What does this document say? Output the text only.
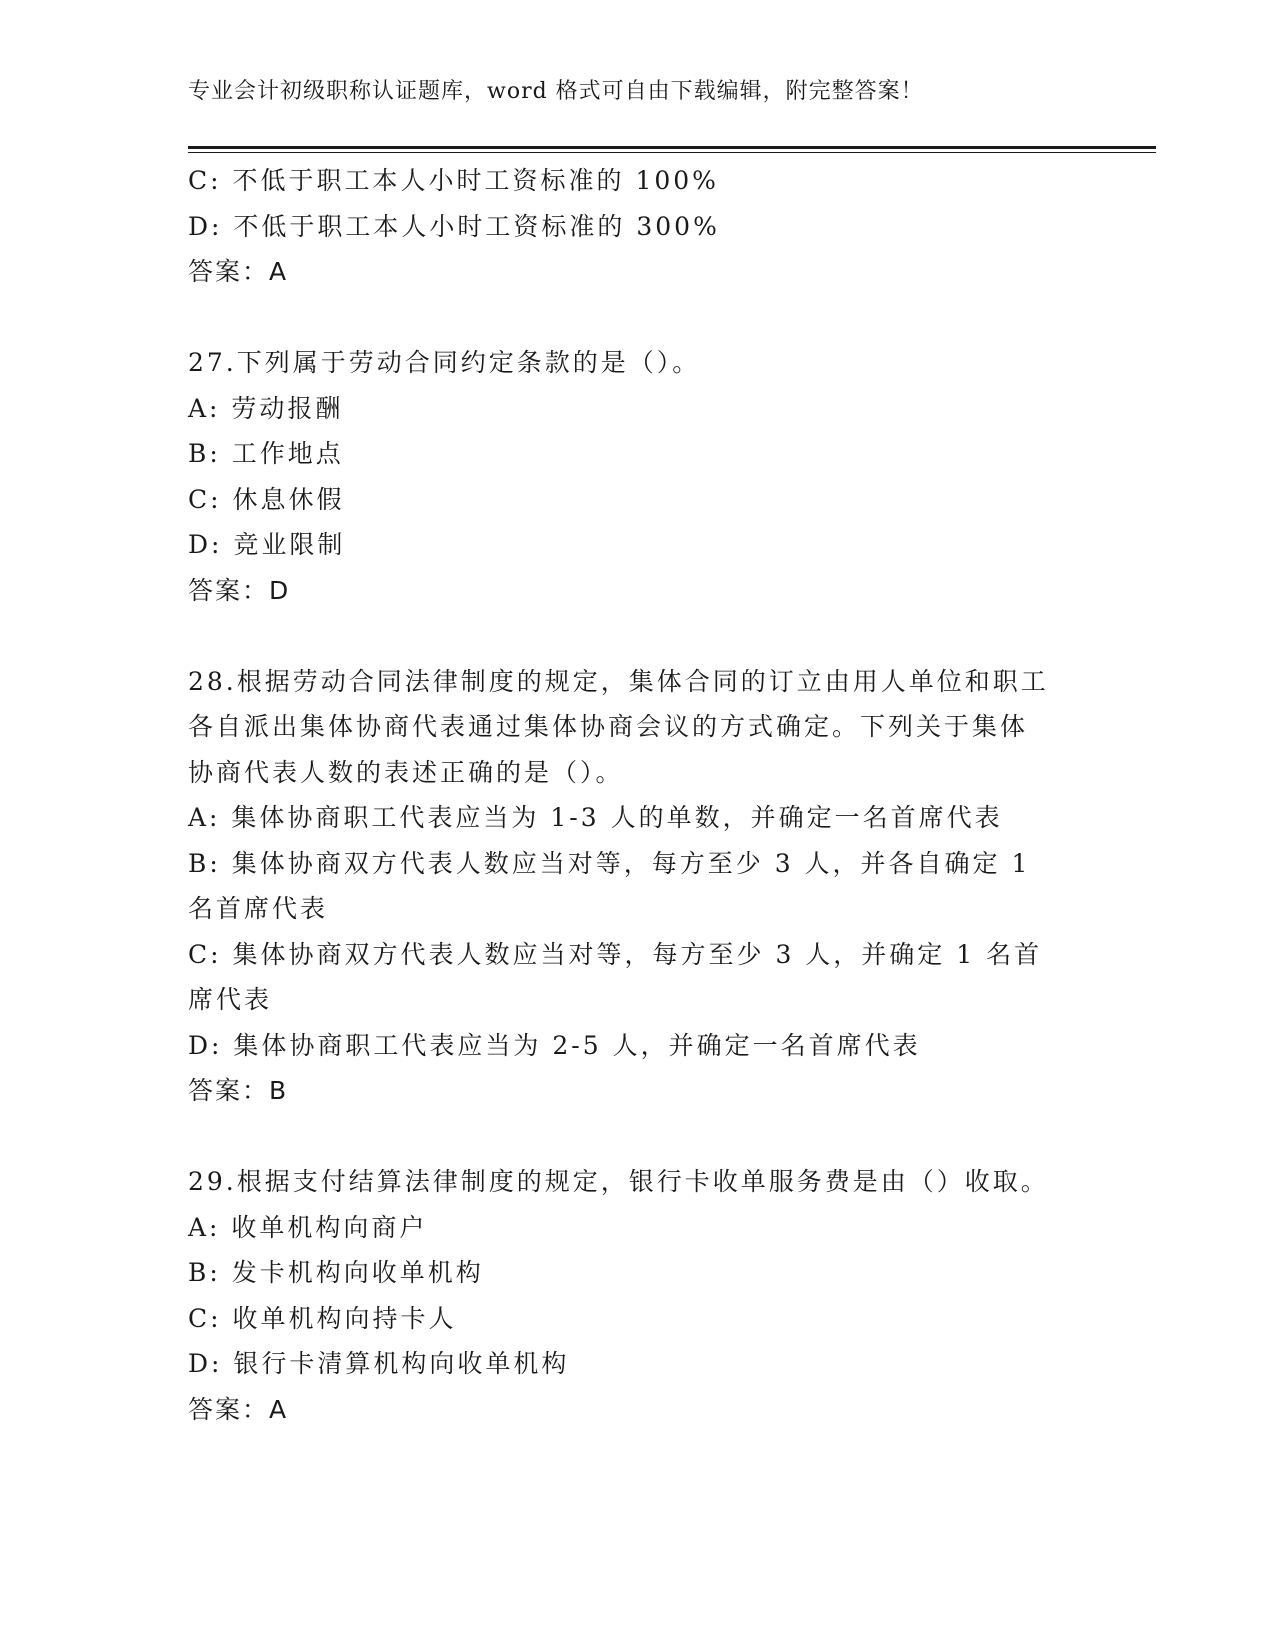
专业会计初级职称认证题库，word 格式可自由下载编辑，附完整答案！
C: 不低于职工本人小时工资标准的 100%
D: 不低于职工本人小时工资标准的 300%
答案：A
27.下列属于劳动合同约定条款的是（）。
A: 劳动报酬
B: 工作地点
C: 休息休假
D: 竞业限制
答案：D
28.根据劳动合同法律制度的规定，集体合同的订立由用人单位和职工
各自派出集体协商代表通过集体协商会议的方式确定。下列关于集体
协商代表人数的表述正确的是（）。
A: 集体协商职工代表应当为 1-3 人的单数，并确定一名首席代表
B: 集体协商双方代表人数应当对等，每方至少 3 人，并各自确定 1
名首席代表
C: 集体协商双方代表人数应当对等，每方至少 3 人，并确定 1 名首
席代表
D: 集体协商职工代表应当为 2-5 人，并确定一名首席代表
答案：B
29.根据支付结算法律制度的规定，银行卡收单服务费是由（）收取。
A: 收单机构向商户
B: 发卡机构向收单机构
C: 收单机构向持卡人
D: 银行卡清算机构向收单机构
答案：A
